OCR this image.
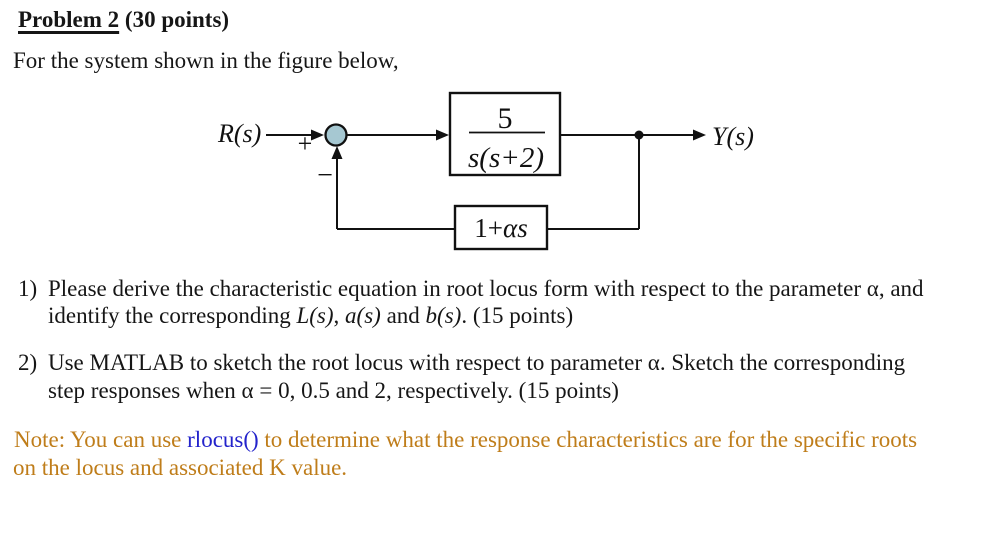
Problem 2 (30 points)
For the system shown in the figure below,
R(s) +
−
5
s(s+2)
Y(s)
1+αs
1) Please derive the characteristic equation in root locus form with respect to the parameter α, and
identify the corresponding L(s), a(s) and b(s). (15 points)
2) Use MATLAB to sketch the root locus with respect to parameter α. Sketch the corresponding
step responses when α = 0, 0.5 and 2, respectively. (15 points)
Note: You can use rlocus() to determine what the response characteristics are for the specific roots
on the locus and associated K value.
